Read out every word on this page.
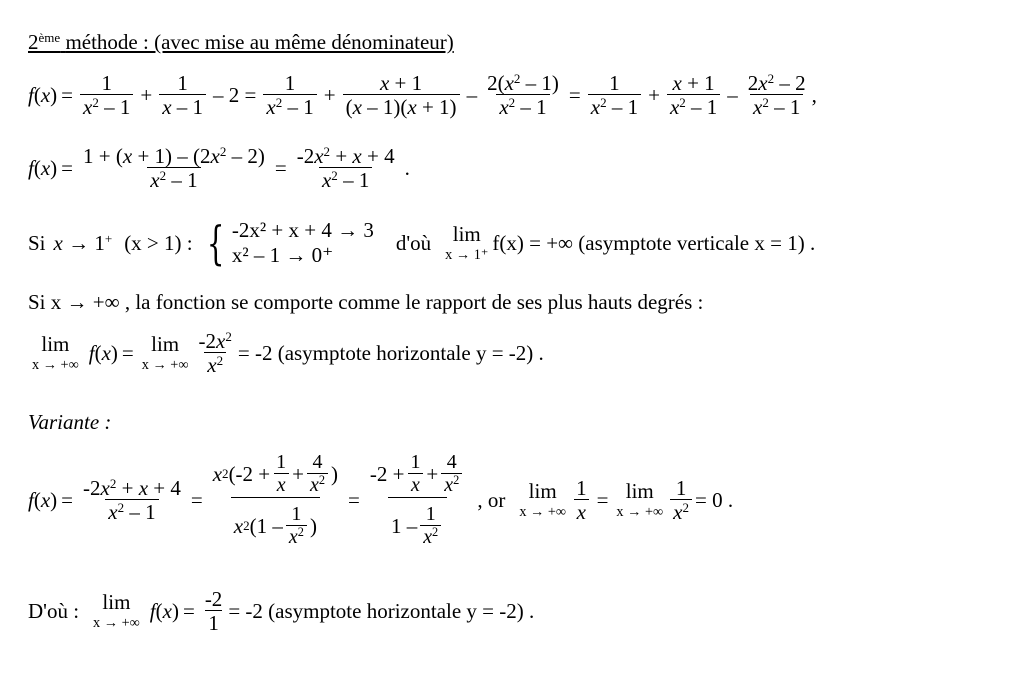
2ème méthode : (avec mise au même dénominateur)
$f(x) = \frac{1}{x^2 - 1} + \frac{1}{x - 1} - 2 = \frac{1}{x^2 - 1} + \frac{x + 1}{(x - 1)(x + 1)} - \frac{2(x^2 - 1)}{x^2 - 1} = \frac{1}{x^2 - 1} + \frac{x + 1}{x^2 - 1} - \frac{2x^2 - 2}{x^2 - 1}$ ,
$f(x) = \frac{1 + (x + 1) - (2x^2 - 2)}{x^2 - 1} = \frac{-2x^2 + x + 4}{x^2 - 1}$ .
Si x → 1+ (x > 1) : { -2x² + x + 4 → 3
x² – 1 → 0⁺
d'où lim
x → 1⁺
f(x) = +∞ (asymptote verticale x = 1) .
Si x → +∞ , la fonction se comporte comme le rapport de ses plus hauts degrés :
lim
x → +∞
f(x) = lim
x → +∞ $\frac{-2x^2}{x^2} = -2$ (asymptote horizontale y = -2) .
Variante :
$f(x) = \frac{-2x^2 + x + 4}{x^2 - 1} = \frac{x 2 (-2 + \frac{1}{x} + \frac{4}{x^2} )}{x 2 (1 - \frac{1}{x^2} )} = \frac{-2 + \frac{1}{x} + \frac{4}{x^2}}{1 - \frac{1}{x^2}}$ , or lim
x → +∞ $\frac{1}{x} = \lim$
x → +∞ $\frac{1}{x^2} = 0$ .
D'où : lim
x → +∞
$f(x) = \frac{-2}{1} = -2$ (asymptote horizontale y = -2) .
